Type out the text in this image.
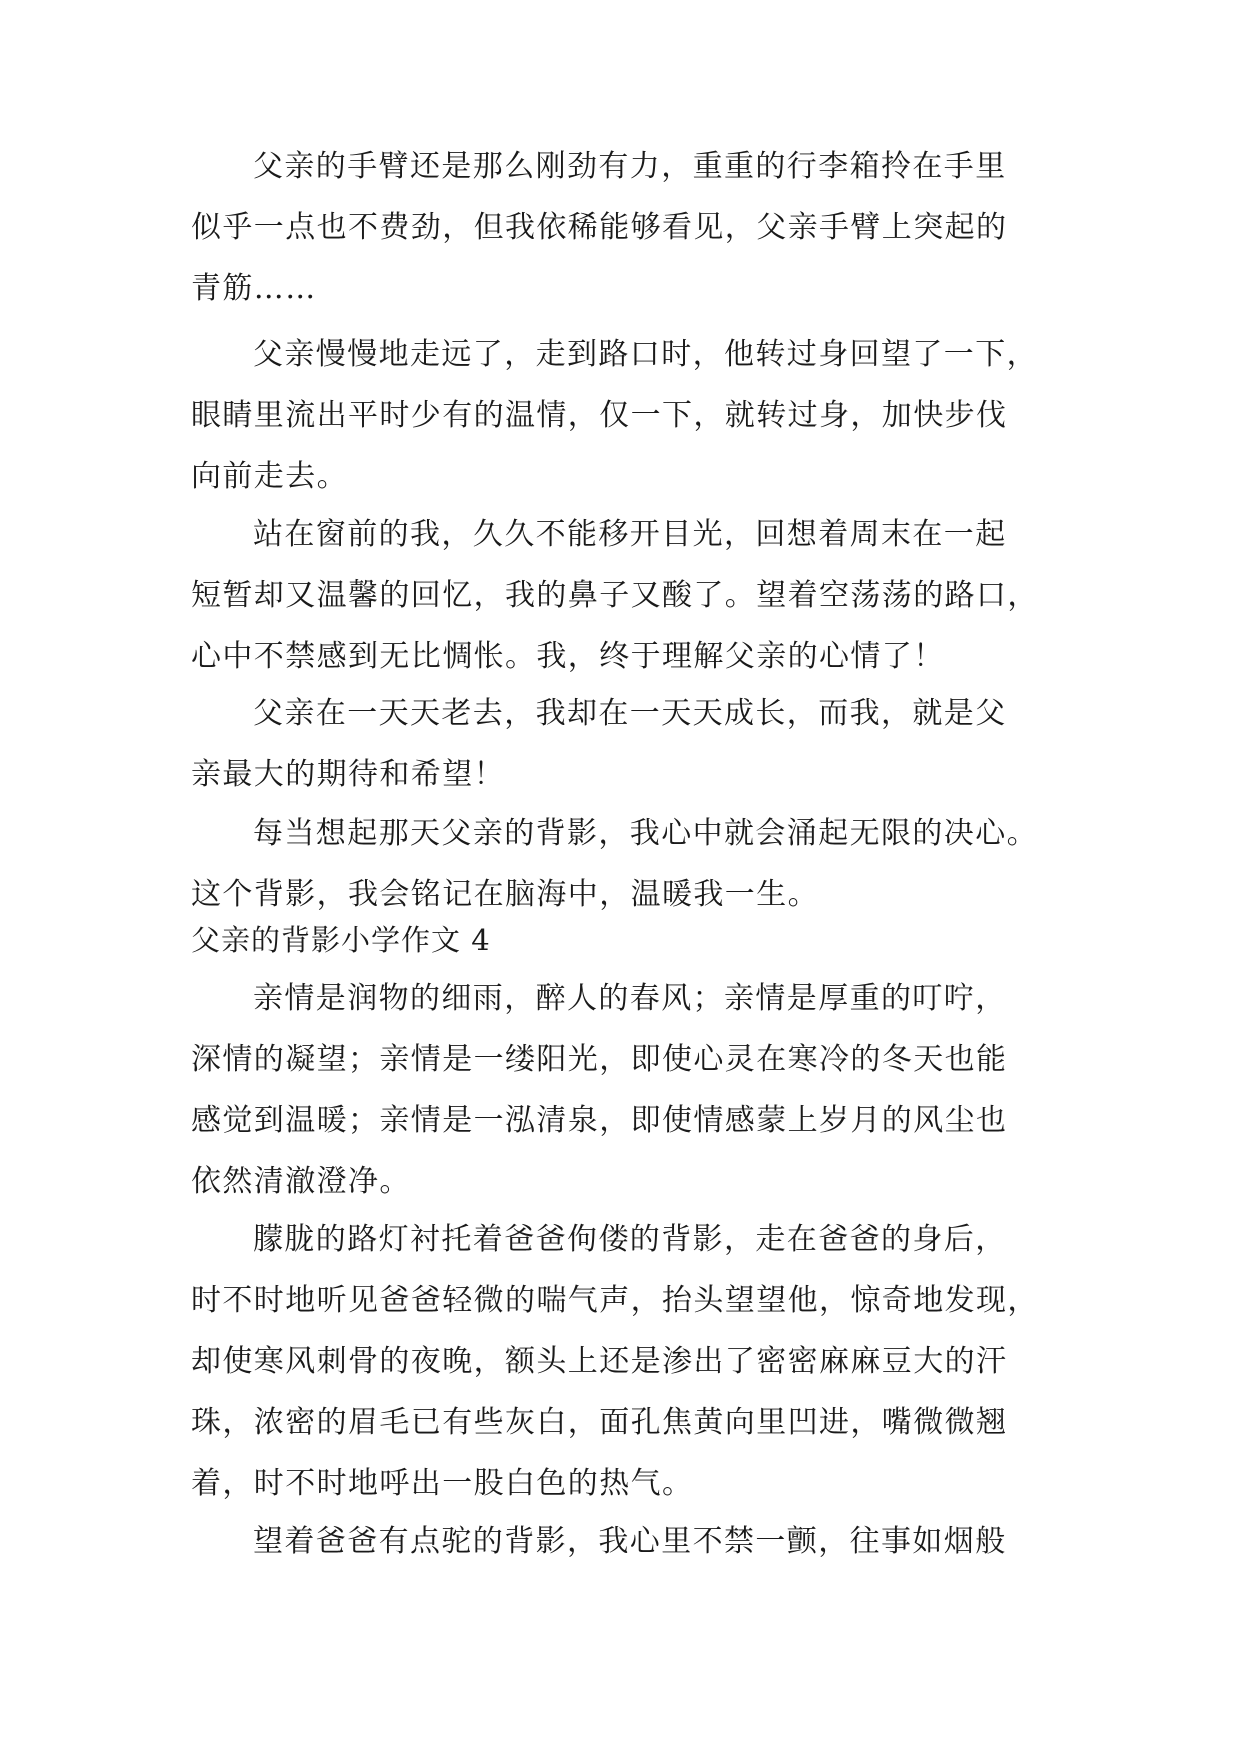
父亲的手臂还是那么刚劲有力，重重的行李箱拎在手里
似乎一点也不费劲，但我依稀能够看见，父亲手臂上突起的
青筋……
父亲慢慢地走远了，走到路口时，他转过身回望了一下，
眼睛里流出平时少有的温情，仅一下，就转过身，加快步伐
向前走去。
站在窗前的我，久久不能移开目光，回想着周末在一起
短暂却又温馨的回忆，我的鼻子又酸了。望着空荡荡的路口，
心中不禁感到无比惆怅。我，终于理解父亲的心情了！
父亲在一天天老去，我却在一天天成长，而我，就是父
亲最大的期待和希望！
每当想起那天父亲的背影，我心中就会涌起无限的决心。
这个背影，我会铭记在脑海中，温暖我一生。
父亲的背影小学作文 4
亲情是润物的细雨，醉人的春风；亲情是厚重的叮咛，
深情的凝望；亲情是一缕阳光，即使心灵在寒冷的冬天也能
感觉到温暖；亲情是一泓清泉，即使情感蒙上岁月的风尘也
依然清澈澄净。
朦胧的路灯衬托着爸爸佝偻的背影，走在爸爸的身后，
时不时地听见爸爸轻微的喘气声，抬头望望他，惊奇地发现，
却使寒风刺骨的夜晚，额头上还是渗出了密密麻麻豆大的汗
珠，浓密的眉毛已有些灰白，面孔焦黄向里凹进，嘴微微翘
着，时不时地呼出一股白色的热气。
望着爸爸有点驼的背影，我心里不禁一颤，往事如烟般
